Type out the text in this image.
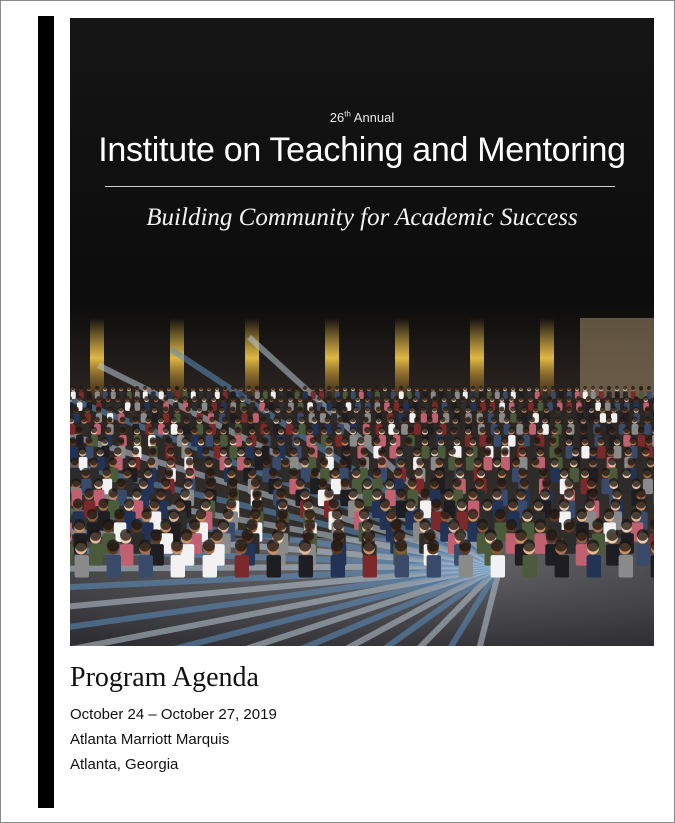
26th Annual
Institute on Teaching and Mentoring
Building Community for Academic Success
Program Agenda
October 24 – October 27, 2019
Atlanta Marriott Marquis
Atlanta, Georgia
